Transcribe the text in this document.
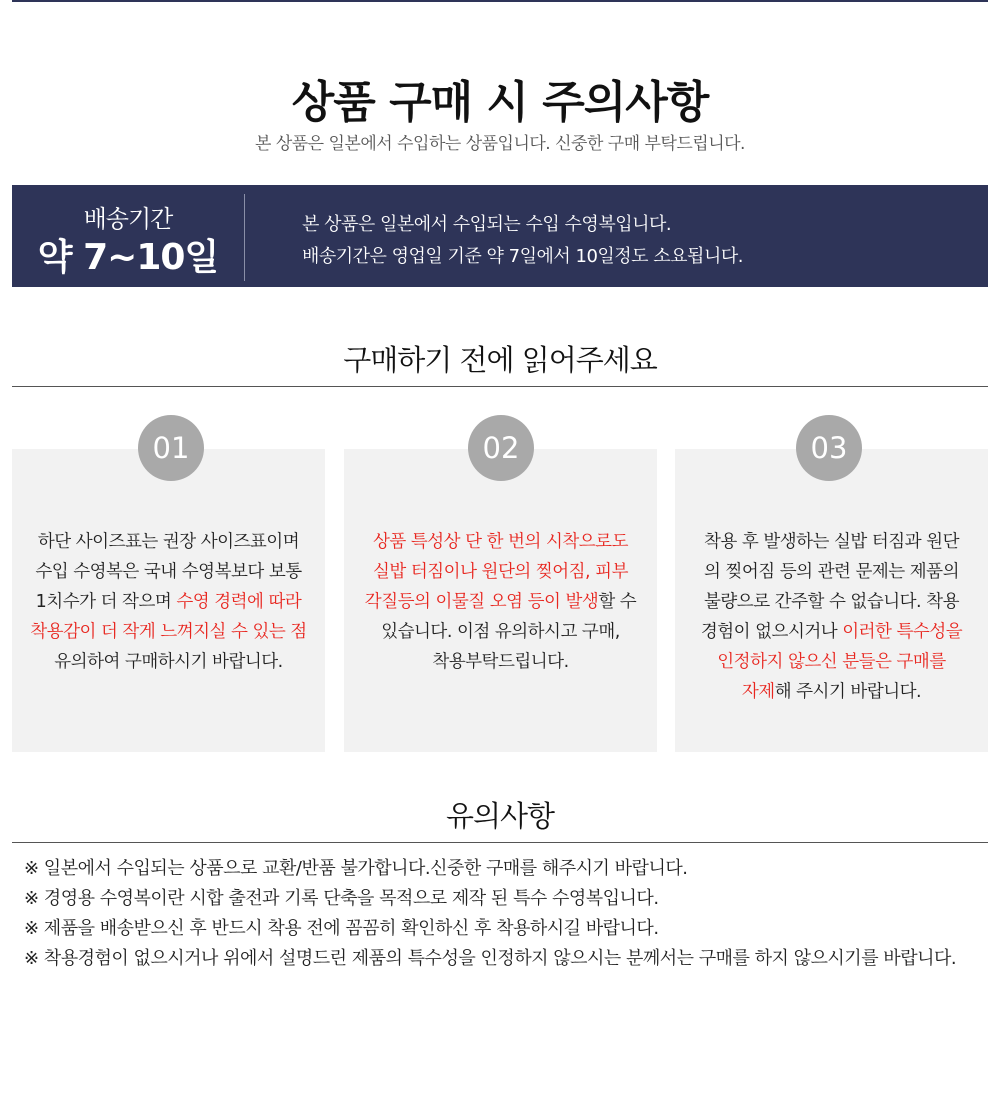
상품 구매 시 주의사항
본 상품은 일본에서 수입하는 상품입니다. 신중한 구매 부탁드립니다.
배송기간
약 7~10일
본 상품은 일본에서 수입되는 수입 수영복입니다.
배송기간은 영업일 기준 약 7일에서 10일정도 소요됩니다.
구매하기 전에 읽어주세요
하단 사이즈표는 권장 사이즈표이며
수입 수영복은 국내 수영복보다 보통
1치수가 더 작으며 수영 경력에 따라
착용감이 더 작게 느껴지실 수 있는 점
유의하여 구매하시기 바랍니다.
상품 특성상 단 한 번의 시착으로도
실밥 터짐이나 원단의 찢어짐, 피부
각질등의 이물질 오염 등이 발생할 수
있습니다. 이점 유의하시고 구매,
착용부탁드립니다.
착용 후 발생하는 실밥 터짐과 원단
의 찢어짐 등의 관련 문제는 제품의
불량으로 간주할 수 없습니다. 착용
경험이 없으시거나 이러한 특수성을
인정하지 않으신 분들은 구매를
자제해 주시기 바랍니다.
01	02	03
유의사항
※ 일본에서 수입되는 상품으로 교환/반품 불가합니다.신중한 구매를 해주시기 바랍니다.
※ 경영용 수영복이란 시합 출전과 기록 단축을 목적으로 제작 된 특수 수영복입니다.
※ 제품을 배송받으신 후 반드시 착용 전에 꼼꼼히 확인하신 후 착용하시길 바랍니다.
※ 착용경험이 없으시거나 위에서 설명드린 제품의 특수성을 인정하지 않으시는 분께서는 구매를 하지 않으시기를 바랍니다.
